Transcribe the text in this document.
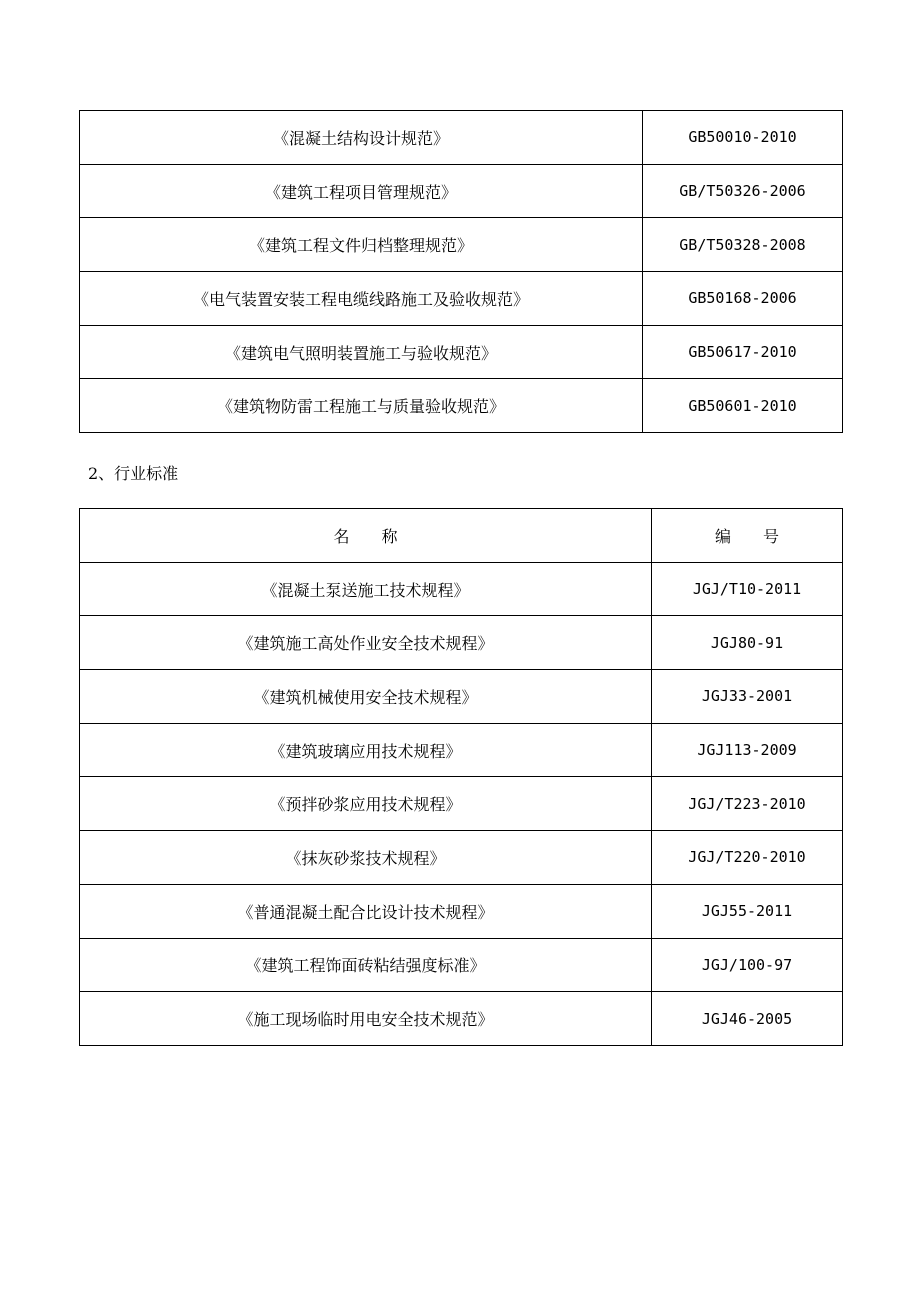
《混凝土结构设计规范》	GB50010-2010
《建筑工程项目管理规范》	GB/T50326-2006
《建筑工程文件归档整理规范》	GB/T50328-2008
《电气装置安装工程电缆线路施工及验收规范》	GB50168-2006
《建筑电气照明装置施工与验收规范》	GB50617-2010
《建筑物防雷工程施工与质量验收规范》	GB50601-2010

2、行业标准

名　　称	编　　号
《混凝土泵送施工技术规程》	JGJ/T10-2011
《建筑施工高处作业安全技术规程》	JGJ80-91
《建筑机械使用安全技术规程》	JGJ33-2001
《建筑玻璃应用技术规程》	JGJ113-2009
《预拌砂浆应用技术规程》	JGJ/T223-2010
《抹灰砂浆技术规程》	JGJ/T220-2010
《普通混凝土配合比设计技术规程》	JGJ55-2011
《建筑工程饰面砖粘结强度标准》	JGJ/100-97
《施工现场临时用电安全技术规范》	JGJ46-2005
